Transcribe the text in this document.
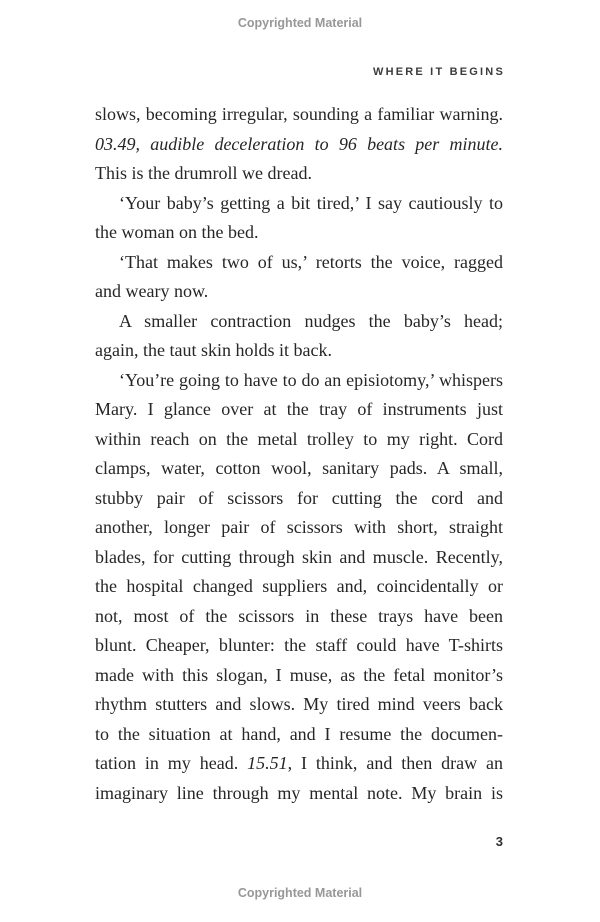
Copyrighted Material
WHERE IT BEGINS
slows, becoming irregular, sounding a familiar warning.
03.49, audible deceleration to 96 beats per minute.
This is the drumroll we dread.
‘Your baby’s getting a bit tired,’ I say cautiously to
the woman on the bed.
‘That makes two of us,’ retorts the voice, ragged
and weary now.
A smaller contraction nudges the baby’s head;
again, the taut skin holds it back.
‘You’re going to have to do an episiotomy,’ whispers
Mary. I glance over at the tray of instruments just
within reach on the metal trolley to my right. Cord
clamps, water, cotton wool, sanitary pads. A small,
stubby pair of scissors for cutting the cord and
another, longer pair of scissors with short, straight
blades, for cutting through skin and muscle. Recently,
the hospital changed suppliers and, coincidentally or
not, most of the scissors in these trays have been
blunt. Cheaper, blunter: the staff could have T-shirts
made with this slogan, I muse, as the fetal monitor’s
rhythm stutters and slows. My tired mind veers back
to the situation at hand, and I resume the documen-
tation in my head. 15.51, I think, and then draw an
imaginary line through my mental note. My brain is
3
Copyrighted Material
